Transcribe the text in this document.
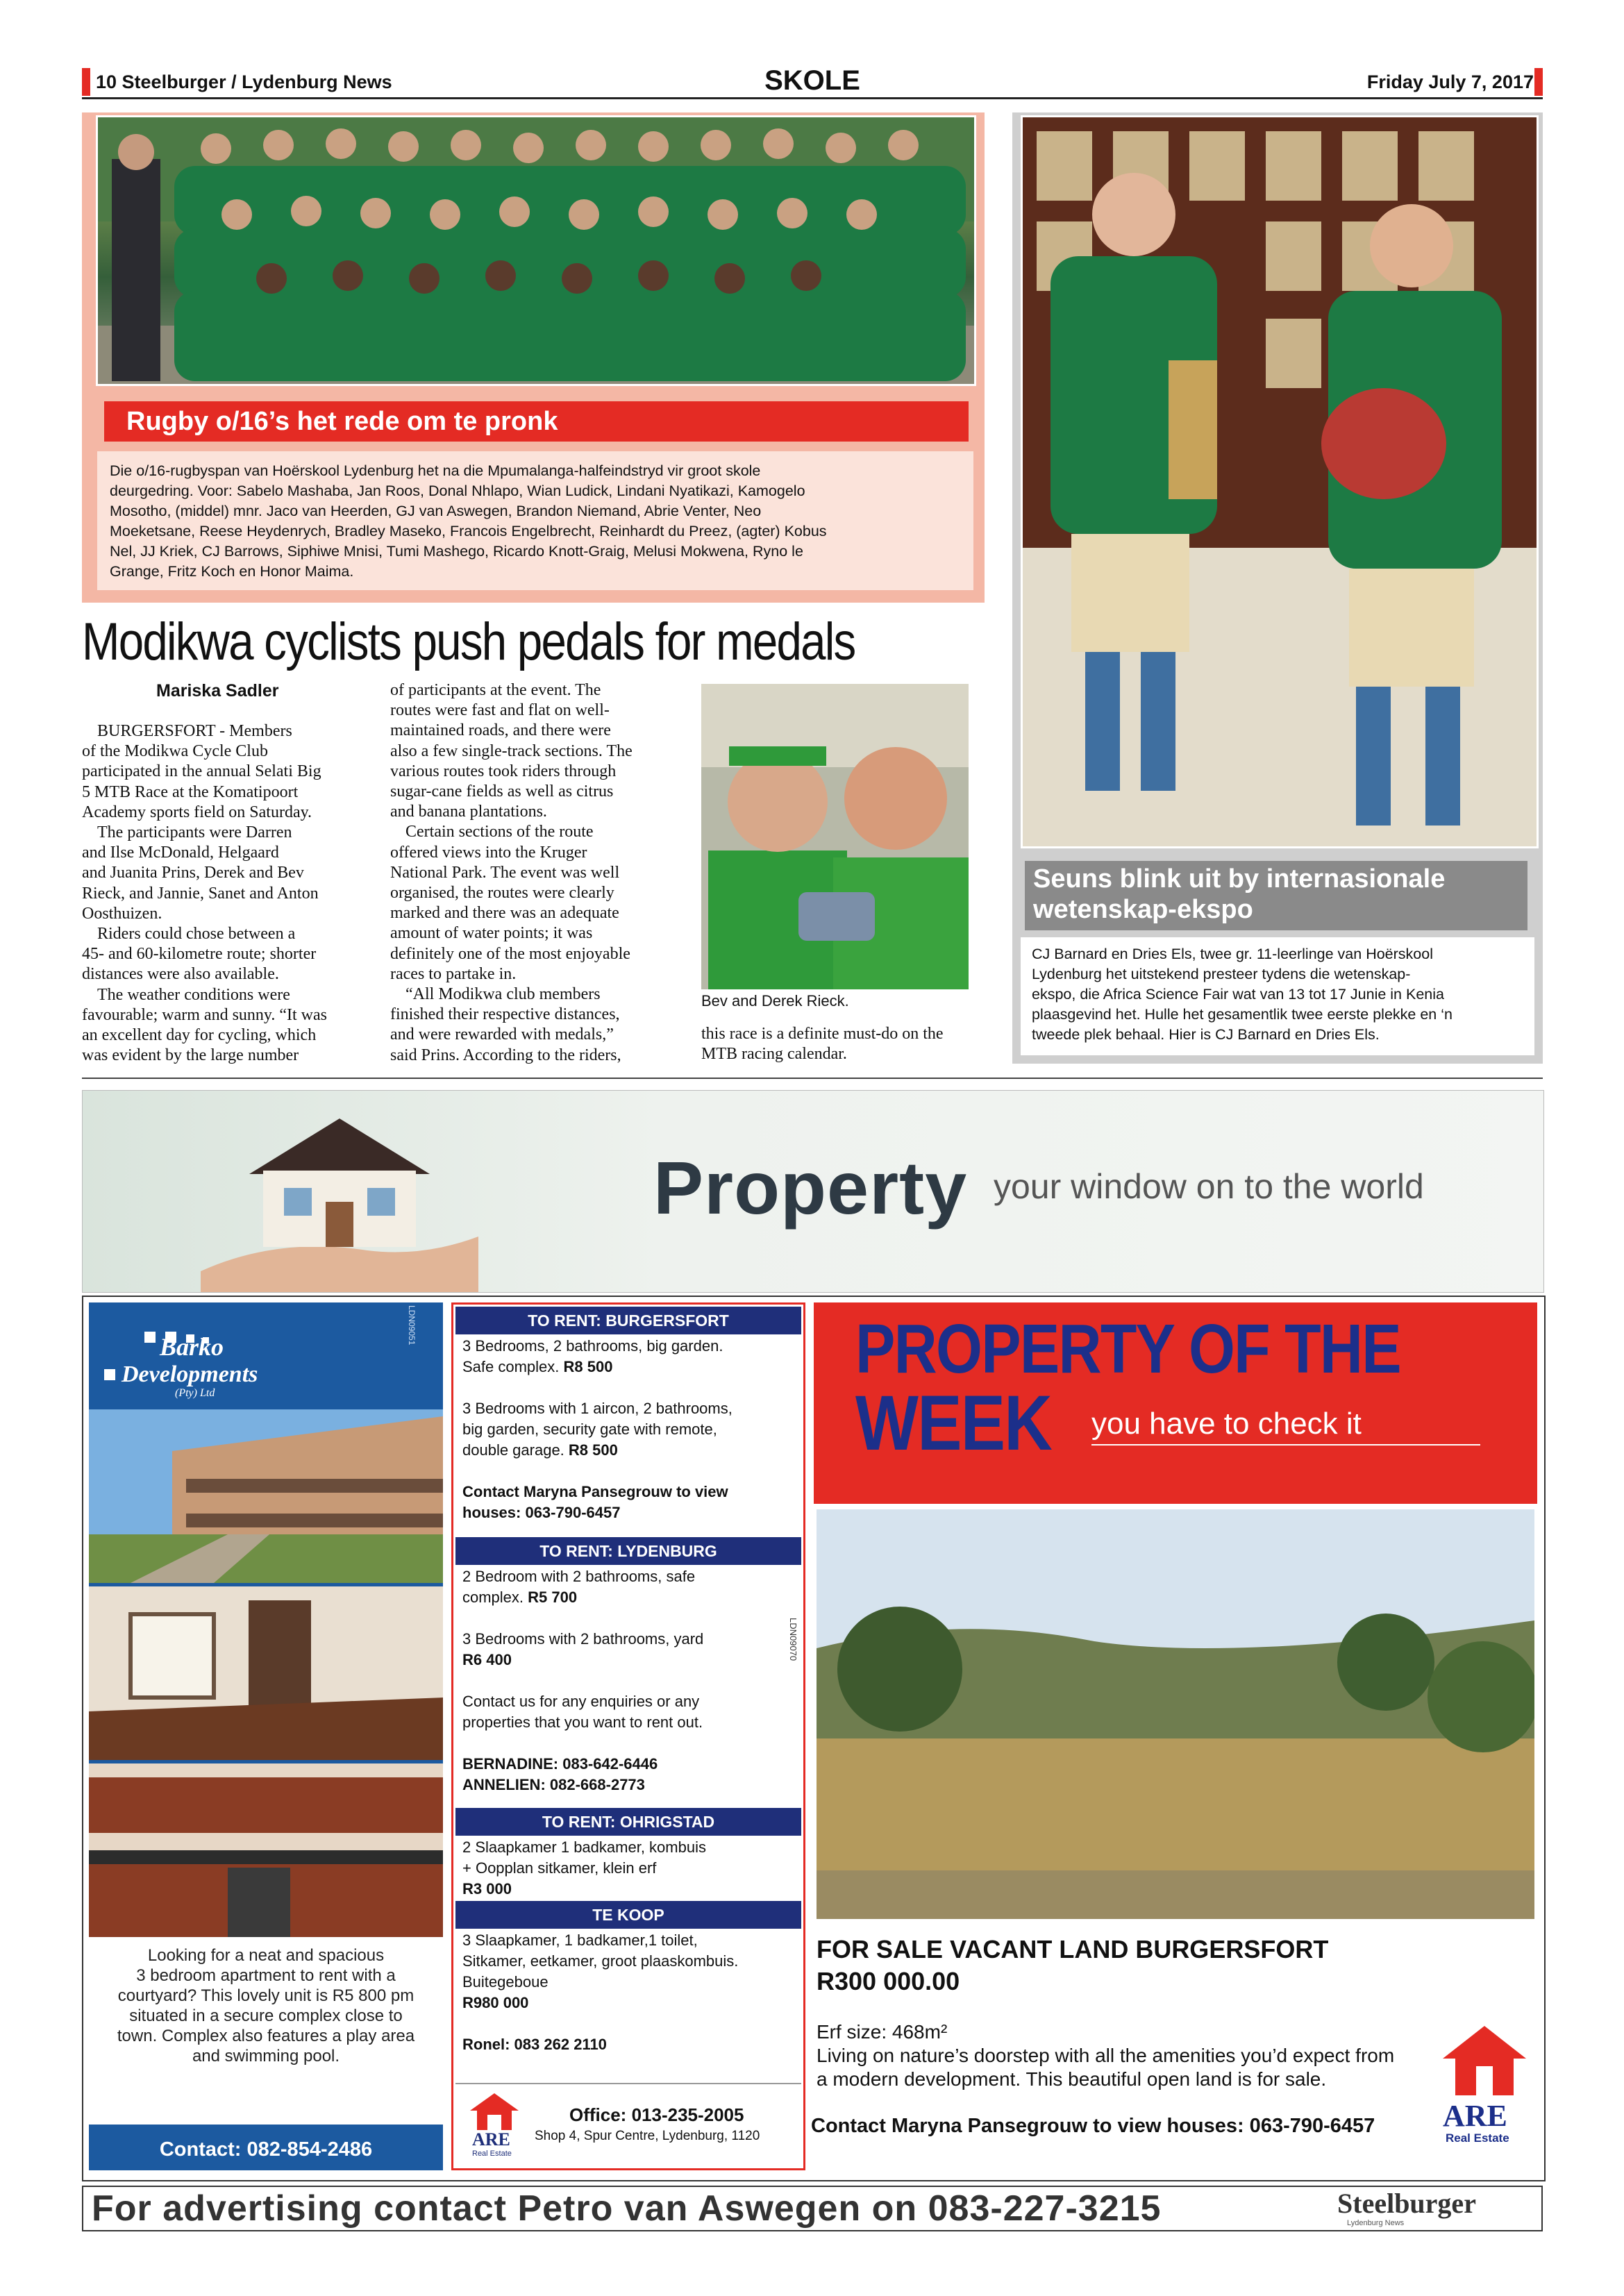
10 Steelburger / Lydenburg News	SKOLE	Friday July 7, 2017
Rugby o/16’s het rede om te pronk
Die o/16-rugbyspan van Hoërskool Lydenburg het na die Mpumalanga-halfeindstryd vir groot skole
deurgedring. Voor: Sabelo Mashaba, Jan Roos, Donal Nhlapo, Wian Ludick, Lindani Nyatikazi, Kamogelo
Mosotho, (middel) mnr. Jaco van Heerden, GJ van Aswegen, Brandon Niemand, Abrie Venter, Neo
Moeketsane, Reese Heydenrych, Bradley Maseko, Francois Engelbrecht, Reinhardt du Preez, (agter) Kobus
Nel, JJ Kriek, CJ Barrows, Siphiwe Mnisi, Tumi Mashego, Ricardo Knott-Graig, Melusi Mokwena, Ryno le
Grange, Fritz Koch en Honor Maima.
Modikwa cyclists push pedals for medals
Mariska Sadler
BURGERSFORT - Members
of the Modikwa Cycle Club
participated in the annual Selati Big
5 MTB Race at the Komatipoort
Academy sports field on Saturday.
The participants were Darren
and Ilse McDonald, Helgaard
and Juanita Prins, Derek and Bev
Rieck, and Jannie, Sanet and Anton
Oosthuizen.
Riders could chose between a
45- and 60-kilometre route; shorter
distances were also available.
The weather conditions were
favourable; warm and sunny. “It was
an excellent day for cycling, which
was evident by the large number
of participants at the event. The
routes were fast and flat on well-
maintained roads, and there were
also a few single-track sections. The
various routes took riders through
sugar-cane fields as well as citrus
and banana plantations.
Certain sections of the route
offered views into the Kruger
National Park. The event was well
organised, the routes were clearly
marked and there was an adequate
amount of water points; it was
definitely one of the most enjoyable
races to partake in.
“All Modikwa club members
finished their respective distances,
and were rewarded with medals,”
said Prins. According to the riders,
Bev and Derek Rieck.
this race is a definite must-do on the
MTB racing calendar.
Seuns blink uit by internasionale
wetenskap-ekspo
CJ Barnard en Dries Els, twee gr. 11-leerlinge van Hoërskool
Lydenburg het uitstekend presteer tydens die wetenskap-
ekspo, die Africa Science Fair wat van 13 tot 17 Junie in Kenia
plaasgevind het. Hulle het gesamentlik twee eerste plekke en ‘n
tweede plek behaal. Hier is CJ Barnard en Dries Els.
Property your window on to the world
Barko
Developments
(Pty) Ltd
LDN09051
Looking for a neat and spacious
3 bedroom apartment to rent with a
courtyard? This lovely unit is R5 800 pm
situated in a secure complex close to
town. Complex also features a play area
and swimming pool.
Contact: 082-854-2486
LDN09070
TO RENT: BURGERSFORT
3 Bedrooms, 2 bathrooms, big garden.
Safe complex. R8 500
3 Bedrooms with 1 aircon, 2 bathrooms,
big garden, security gate with remote,
double garage. R8 500
Contact Maryna Pansegrouw to view
houses: 063-790-6457
TO RENT: LYDENBURG
2 Bedroom with 2 bathrooms, safe
complex. R5 700
3 Bedrooms with 2 bathrooms, yard
R6 400
Contact us for any enquiries or any
properties that you want to rent out.
BERNADINE: 083-642-6446
ANNELIEN: 082-668-2773
TO RENT: OHRIGSTAD
2 Slaapkamer 1 badkamer, kombuis
+ Oopplan sitkamer, klein erf
R3 000
TE KOOP
3 Slaapkamer, 1 badkamer,1 toilet,
Sitkamer, eetkamer, groot plaaskombuis.
Buitegeboue
R980 000
Ronel: 083 262 2110
ARE
Real Estate
Office: 013-235-2005
Shop 4, Spur Centre, Lydenburg, 1120
PROPERTY OF THE
WEEK you have to check it
FOR SALE VACANT LAND BURGERSFORT
R300 000.00
Erf size: 468m²
Living on nature’s doorstep with all the amenities you’d expect from
a modern development. This beautiful open land is for sale.
Contact Maryna Pansegrouw to view houses: 063-790-6457 ARE
Real Estate
For advertising contact Petro van Aswegen on 083-227-3215	Steelburger
Lydenburg News
